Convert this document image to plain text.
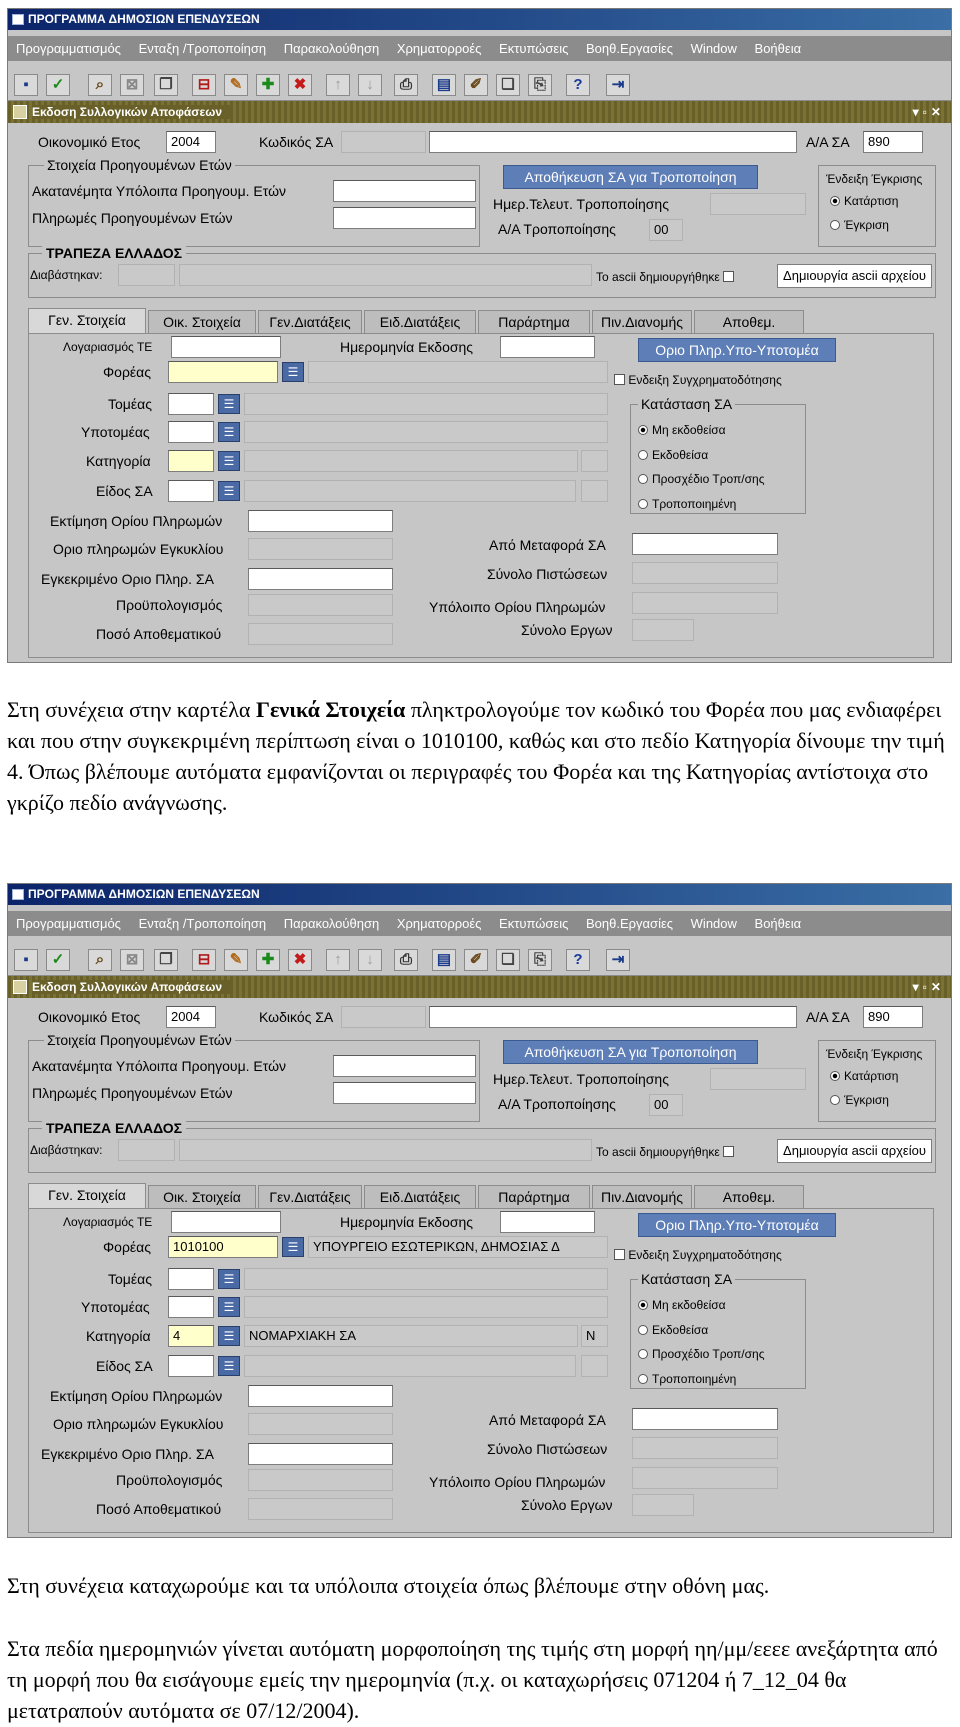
ΠΡΟΓΡΑΜΜΑ ΔΗΜΟΣΙΩΝ ΕΠΕΝΔΥΣΕΩΝ
Προγραμματισμός Ενταξη /Τροποποίηση Παρακολούθηση Χρηματορροές Εκτυπώσεις Βοηθ.Εργασίες Window Βοήθεια
▪	✓	⌕	⊠	❐	⊟	✎	✚	✖	↑	↓	⎙	▤	✐	❏	⎘	?	⇥
Εκδοση Συλλογικών Αποφάσεων	▾▫✕
Οικονομικό Ετος	2004	Κωδικός ΣΑ	Α/Α ΣΑ	890
Στοιχεία Προηγουμένων Ετών
Ακατανέμητα Υπόλοιπα Προηγουμ. Ετών
Πληρωμές Προηγουμένων Ετών
Αποθήκευση ΣΑ για Τροποποίηση
Ημερ.Τελευτ. Τροποποίησης
Α/Α Τροποποίησης	00
Ένδειξη Έγκρισης
Κατάρτιση
Έγκριση
ΤΡΑΠΕΖΑ ΕΛΛΑΔΟΣ
Διαβάστηκαν:	Το ascii δημιουργήθηκε	Δημιουργία ascii αρχείου
Γεν. Στοιχεία	Οικ. Στοιχεία	Γεν.Διατάξεις	Ειδ.Διατάξεις	Παράρτημα	Πιν.Διανομής	Αποθεμ.
Λογαριασμός ΤΕ
Φορέας	☰
Τομέας	☰
Υποτομέας	☰
Κατηγορία	☰
Είδος ΣΑ	☰
Εκτίμηση Ορίου Πληρωμών
Οριο πληρωμών Εγκυκλίου
Εγκεκριμένο Οριο Πληρ. ΣΑ
Προϋπολογισμός
Ποσό Αποθεματικού
Ημερομηνία Εκδοσης	Οριο Πληρ.Υπο-Υποτομέα
Ενδειξη Συγχρηματοδότησης
Κατάσταση ΣΑ
Μη εκδοθείσα
Εκδοθείσα
Προσχέδιο Τροπ/σης
Τροποποιημένη
Από Μεταφορά ΣΑ
Σύνολο Πιστώσεων
Υπόλοιπο Ορίου Πληρωμών
Σύνολο Εργων
Στη συνέχεια στην καρτέλα Γενικά Στοιχεία πληκτρολογούμε τον κωδικό του Φορέα που μας ενδιαφέρει και που στην συγκεκριμένη περίπτωση είναι ο 1010100, καθώς και στο πεδίο Κατηγορία δίνουμε την τιμή 4. Όπως βλέπουμε αυτόματα εμφανίζονται οι περιγραφές του Φορέα και της Κατηγορίας αντίστοιχα στο γκρίζο πεδίο ανάγνωσης.
ΠΡΟΓΡΑΜΜΑ ΔΗΜΟΣΙΩΝ ΕΠΕΝΔΥΣΕΩΝ
Προγραμματισμός Ενταξη /Τροποποίηση Παρακολούθηση Χρηματορροές Εκτυπώσεις Βοηθ.Εργασίες Window Βοήθεια
▪	✓	⌕	⊠	❐	⊟	✎	✚	✖	↑	↓	⎙	▤	✐	❏	⎘	?	⇥
Εκδοση Συλλογικών Αποφάσεων	▾▫✕
Οικονομικό Ετος	2004	Κωδικός ΣΑ	Α/Α ΣΑ	890
Στοιχεία Προηγουμένων Ετών
Ακατανέμητα Υπόλοιπα Προηγουμ. Ετών
Πληρωμές Προηγουμένων Ετών
Αποθήκευση ΣΑ για Τροποποίηση
Ημερ.Τελευτ. Τροποποίησης
Α/Α Τροποποίησης	00
Ένδειξη Έγκρισης
Κατάρτιση
Έγκριση
ΤΡΑΠΕΖΑ ΕΛΛΑΔΟΣ
Διαβάστηκαν:	Το ascii δημιουργήθηκε	Δημιουργία ascii αρχείου
Γεν. Στοιχεία	Οικ. Στοιχεία	Γεν.Διατάξεις	Ειδ.Διατάξεις	Παράρτημα	Πιν.Διανομής	Αποθεμ.
Λογαριασμός ΤΕ
Φορέας	1010100	☰	ΥΠΟΥΡΓΕΙΟ ΕΣΩΤΕΡΙΚΩΝ, ΔΗΜΟΣΙΑΣ Δ
Τομέας	☰
Υποτομέας	☰
Κατηγορία	4	☰	ΝΟΜΑΡΧΙΑΚΗ ΣΑ	Ν
Είδος ΣΑ	☰
Εκτίμηση Ορίου Πληρωμών
Οριο πληρωμών Εγκυκλίου
Εγκεκριμένο Οριο Πληρ. ΣΑ
Προϋπολογισμός
Ποσό Αποθεματικού
Ημερομηνία Εκδοσης	Οριο Πληρ.Υπο-Υποτομέα
Ενδειξη Συγχρηματοδότησης
Κατάσταση ΣΑ
Μη εκδοθείσα
Εκδοθείσα
Προσχέδιο Τροπ/σης
Τροποποιημένη
Από Μεταφορά ΣΑ
Σύνολο Πιστώσεων
Υπόλοιπο Ορίου Πληρωμών
Σύνολο Εργων
Στη συνέχεια καταχωρούμε και τα υπόλοιπα στοιχεία όπως βλέπουμε στην οθόνη μας.
Στα πεδία ημερομηνιών γίνεται αυτόματη μορφοποίηση της τιμής στη μορφή ηη/μμ/εεεε ανεξάρτητα από τη μορφή που θα εισάγουμε εμείς την ημερομηνία (π.χ. οι καταχωρήσεις 071204 ή 7_12_04 θα μετατραπούν αυτόματα σε 07/12/2004).
